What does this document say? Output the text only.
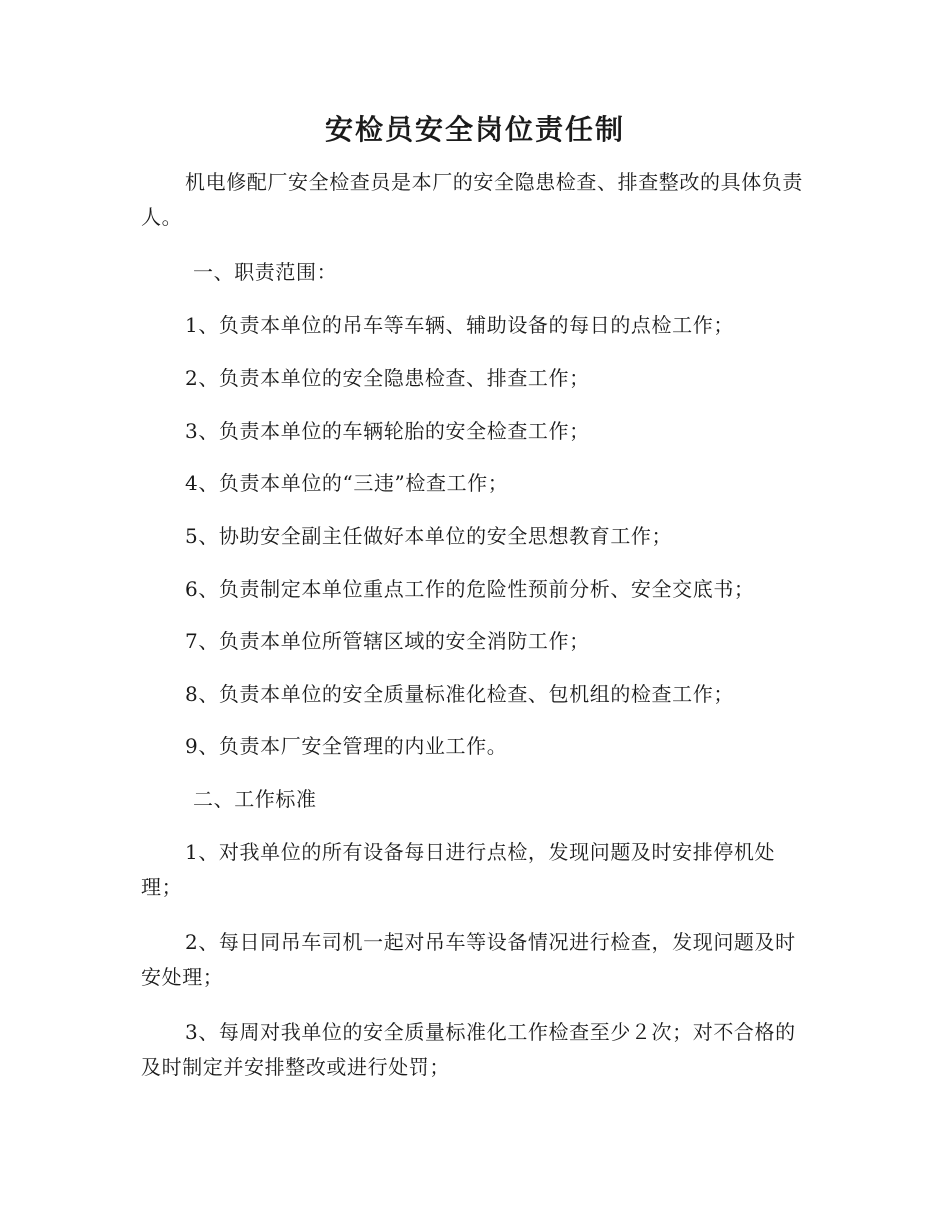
安检员安全岗位责任制

机电修配厂安全检查员是本厂的安全隐患检查、排查整改的具体负责人。

一、职责范围：

1、负责本单位的吊车等车辆、辅助设备的每日的点检工作；

2、负责本单位的安全隐患检查、排查工作；

3、负责本单位的车辆轮胎的安全检查工作；

4、负责本单位的“三违”检查工作；

5、协助安全副主任做好本单位的安全思想教育工作；

6、负责制定本单位重点工作的危险性预前分析、安全交底书；

7、负责本单位所管辖区域的安全消防工作；

8、负责本单位的安全质量标准化检查、包机组的检查工作；

9、负责本厂安全管理的内业工作。

二、工作标准

1、对我单位的所有设备每日进行点检，发现问题及时安排停机处理；

2、每日同吊车司机一起对吊车等设备情况进行检查，发现问题及时安处理；

3、每周对我单位的安全质量标准化工作检查至少２次；对不合格的及时制定并安排整改或进行处罚；
